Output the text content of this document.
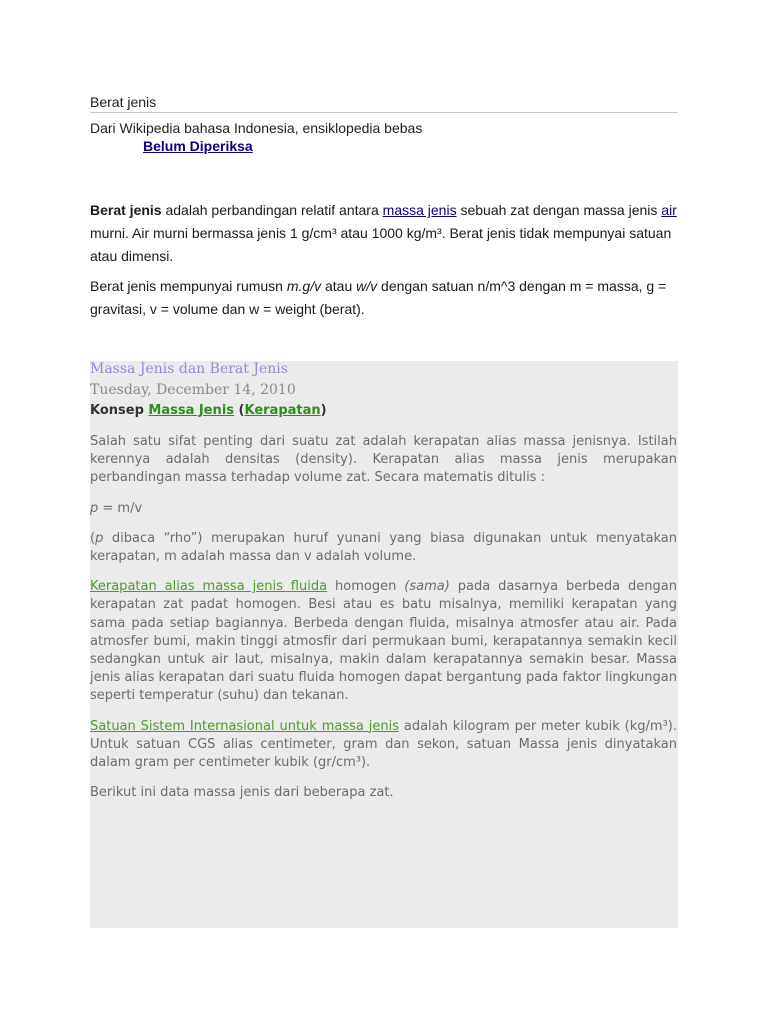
Berat jenis
Dari Wikipedia bahasa Indonesia, ensiklopedia bebas
Belum Diperiksa

Berat jenis adalah perbandingan relatif antara massa jenis sebuah zat dengan massa jenis air murni. Air murni bermassa jenis 1 g/cm³ atau 1000 kg/m³. Berat jenis tidak mempunyai satuan atau dimensi.

Berat jenis mempunyai rumusn m.g/v atau w/v dengan satuan n/m^3 dengan m = massa, g = gravitasi, v = volume dan w = weight (berat).

Massa Jenis dan Berat Jenis
Tuesday, December 14, 2010
Konsep Massa Jenis (Kerapatan)

Salah satu sifat penting dari suatu zat adalah kerapatan alias massa jenisnya. Istilah kerennya adalah densitas (density). Kerapatan alias massa jenis merupakan perbandingan massa terhadap volume zat. Secara matematis ditulis :

p = m/v

(p dibaca “rho”) merupakan huruf yunani yang biasa digunakan untuk menyatakan kerapatan, m adalah massa dan v adalah volume.

Kerapatan alias massa jenis fluida homogen (sama) pada dasarnya berbeda dengan kerapatan zat padat homogen. Besi atau es batu misalnya, memiliki kerapatan yang sama pada setiap bagiannya. Berbeda dengan fluida, misalnya atmosfer atau air. Pada atmosfer bumi, makin tinggi atmosfir dari permukaan bumi, kerapatannya semakin kecil sedangkan untuk air laut, misalnya, makin dalam kerapatannya semakin besar. Massa jenis alias kerapatan dari suatu fluida homogen dapat bergantung pada faktor lingkungan seperti temperatur (suhu) dan tekanan.

Satuan Sistem Internasional untuk massa jenis adalah kilogram per meter kubik (kg/m³). Untuk satuan CGS alias centimeter, gram dan sekon, satuan Massa jenis dinyatakan dalam gram per centimeter kubik (gr/cm³).

Berikut ini data massa jenis dari beberapa zat.
